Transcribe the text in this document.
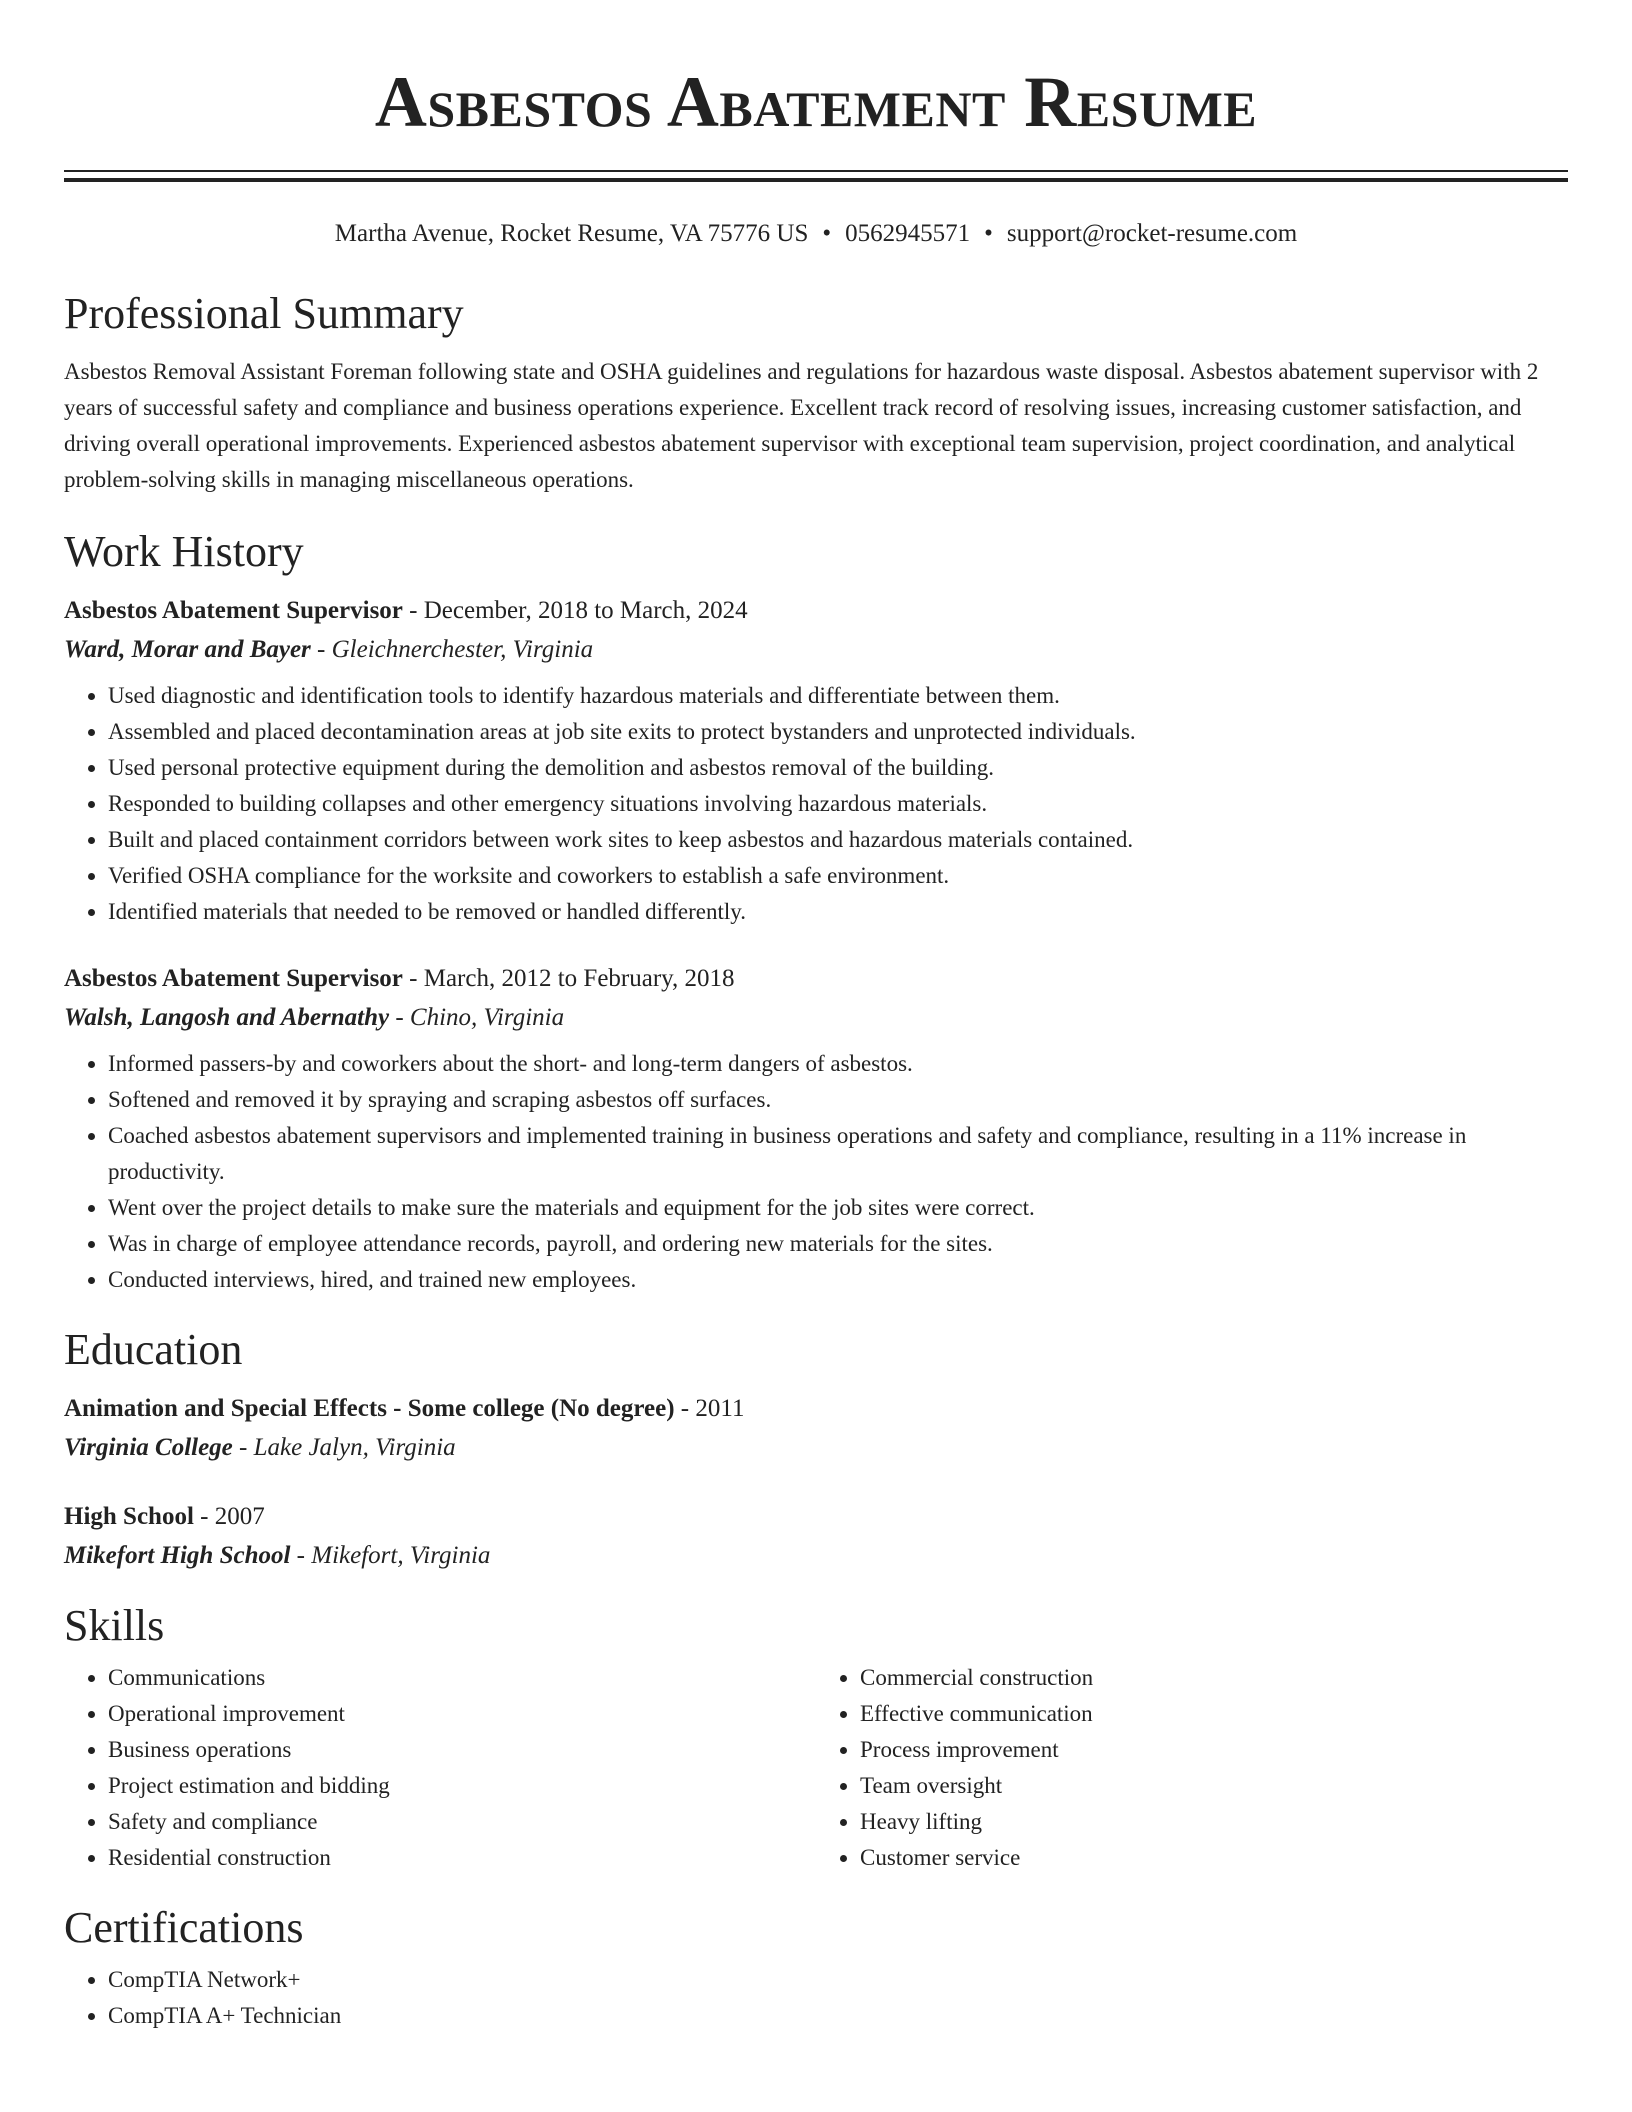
Asbestos Abatement Resume
Martha Avenue, Rocket Resume, VA 75776 US • 0562945571 • support@rocket-resume.com
Professional Summary
Asbestos Removal Assistant Foreman following state and OSHA guidelines and regulations for hazardous waste disposal. Asbestos abatement supervisor with 2 years of successful safety and compliance and business operations experience. Excellent track record of resolving issues, increasing customer satisfaction, and driving overall operational improvements. Experienced asbestos abatement supervisor with exceptional team supervision, project coordination, and analytical problem-solving skills in managing miscellaneous operations.
Work History
Asbestos Abatement Supervisor - December, 2018 to March, 2024
Ward, Morar and Bayer - Gleichnerchester, Virginia
• Used diagnostic and identification tools to identify hazardous materials and differentiate between them.
• Assembled and placed decontamination areas at job site exits to protect bystanders and unprotected individuals.
• Used personal protective equipment during the demolition and asbestos removal of the building.
• Responded to building collapses and other emergency situations involving hazardous materials.
• Built and placed containment corridors between work sites to keep asbestos and hazardous materials contained.
• Verified OSHA compliance for the worksite and coworkers to establish a safe environment.
• Identified materials that needed to be removed or handled differently.
Asbestos Abatement Supervisor - March, 2012 to February, 2018
Walsh, Langosh and Abernathy - Chino, Virginia
• Informed passers-by and coworkers about the short- and long-term dangers of asbestos.
• Softened and removed it by spraying and scraping asbestos off surfaces.
• Coached asbestos abatement supervisors and implemented training in business operations and safety and compliance, resulting in a 11% increase in productivity.
• Went over the project details to make sure the materials and equipment for the job sites were correct.
• Was in charge of employee attendance records, payroll, and ordering new materials for the sites.
• Conducted interviews, hired, and trained new employees.
Education
Animation and Special Effects - Some college (No degree) - 2011
Virginia College - Lake Jalyn, Virginia
High School - 2007
Mikefort High School - Mikefort, Virginia
Skills
• Communications
• Operational improvement
• Business operations
• Project estimation and bidding
• Safety and compliance
• Residential construction
• Commercial construction
• Effective communication
• Process improvement
• Team oversight
• Heavy lifting
• Customer service
Certifications
• CompTIA Network+
• CompTIA A+ Technician
